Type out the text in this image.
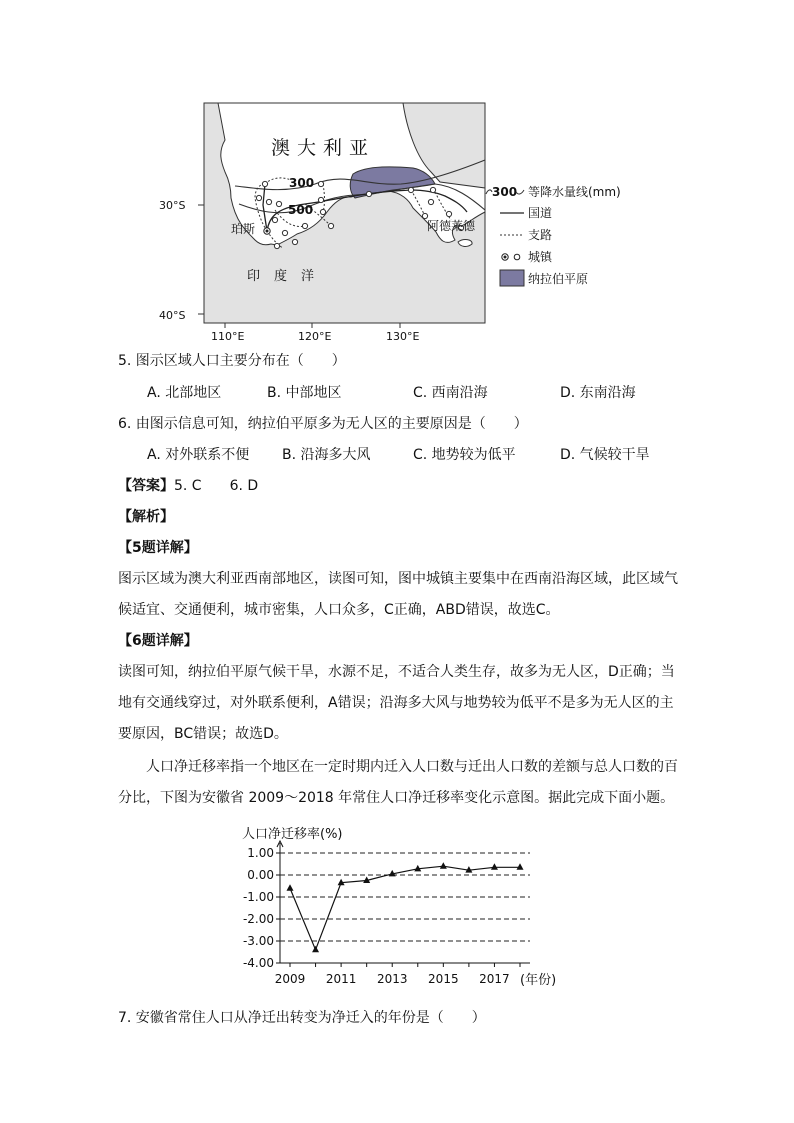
澳大利亚
300
500
珀斯	阿德莱德
印度洋
30°S
40°S
110°E	120°E	130°E
300 等降水量线(mm)
国道
支路
城镇
纳拉伯平原
5. 图示区域人口主要分布在（　　）
A. 北部地区	B. 中部地区	C. 西南沿海	D. 东南沿海
6. 由图示信息可知，纳拉伯平原多为无人区的主要原因是（　　）
A. 对外联系不便 B. 沿海多大风	C. 地势较为低平	D. 气候较干旱
【答案】5. C　　6. D
【解析】
【5题详解】
图示区域为澳大利亚西南部地区，读图可知，图中城镇主要集中在西南沿海区域，此区域气候适宜、交通便利，城市密集，人口众多，C正确，ABD错误，故选C。
【6题详解】
读图可知，纳拉伯平原气候干旱，水源不足，不适合人类生存，故多为无人区，D正确；当地有交通线穿过，对外联系便利，A错误；沿海多大风与地势较为低平不是多为无人区的主要原因，BC错误；故选D。
人口净迁移率指一个地区在一定时期内迁入人口数与迁出人口数的差额与总人口数的百分比，下图为安徽省 2009～2018 年常住人口净迁移率变化示意图。据此完成下面小题。
人口净迁移率(%)
1.00
0.00
-1.00
-2.00
-3.00
-4.00
2009 2011 2013 2015 2017 (年份)
7. 安徽省常住人口从净迁出转变为净迁入的年份是（　　）
